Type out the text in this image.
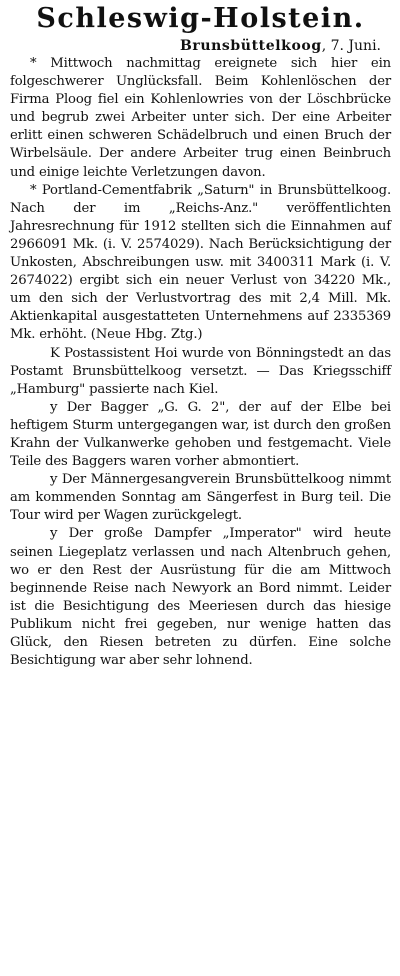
Schleswig-Holstein.
Brunsbüttelkoog, 7. Juni.

* Mittwoch nachmittag ereignete sich hier ein folgeschwerer Unglücksfall. Beim Kohlenlöschen der Firma Ploog fiel ein Kohlenlowries von der Löschbrücke und begrub zwei Arbeiter unter sich. Der eine Arbeiter erlitt einen schweren Schädelbruch und einen Bruch der Wirbelsäule. Der andere Arbeiter trug einen Beinbruch und einige leichte Verletzungen davon.

* Portland-Cementfabrik „Saturn" in Brunsbüttelkoog. Nach der im „Reichs-Anz." veröffentlichten Jahresrechnung für 1912 stellten sich die Einnahmen auf 2966091 Mk. (i. V. 2574029). Nach Berücksichtigung der Unkosten, Abschreibungen usw. mit 3400311 Mark (i. V. 2674022) ergibt sich ein neuer Verlust von 34220 Mk., um den sich der Verlustvortrag des mit 2,4 Mill. Mk. Aktienkapital ausgestatteten Unternehmens auf 2335369 Mk. erhöht. (Neue Hbg. Ztg.)

K Postassistent Hoi wurde von Bönningstedt an das Postamt Brunsbüttelkoog versetzt. — Das Kriegsschiff „Hamburg" passierte nach Kiel.

y Der Bagger „G. G. 2", der auf der Elbe bei heftigem Sturm untergegangen war, ist durch den großen Krahn der Vulkanwerke gehoben und festgemacht. Viele Teile des Baggers waren vorher abmontiert.

y Der Männergesangverein Brunsbüttelkoog nimmt am kommenden Sonntag am Sängerfest in Burg teil. Die Tour wird per Wagen zurückgelegt.

y Der große Dampfer „Imperator" wird heute seinen Liegeplatz verlassen und nach Altenbruch gehen, wo er den Rest der Ausrüstung für die am Mittwoch beginnende Reise nach Newyork an Bord nimmt. Leider ist die Besichtigung des Meeriesen durch das hiesige Publikum nicht frei gegeben, nur wenige hatten das Glück, den Riesen betreten zu dürfen. Eine solche Besichtigung war aber sehr lohnend.
